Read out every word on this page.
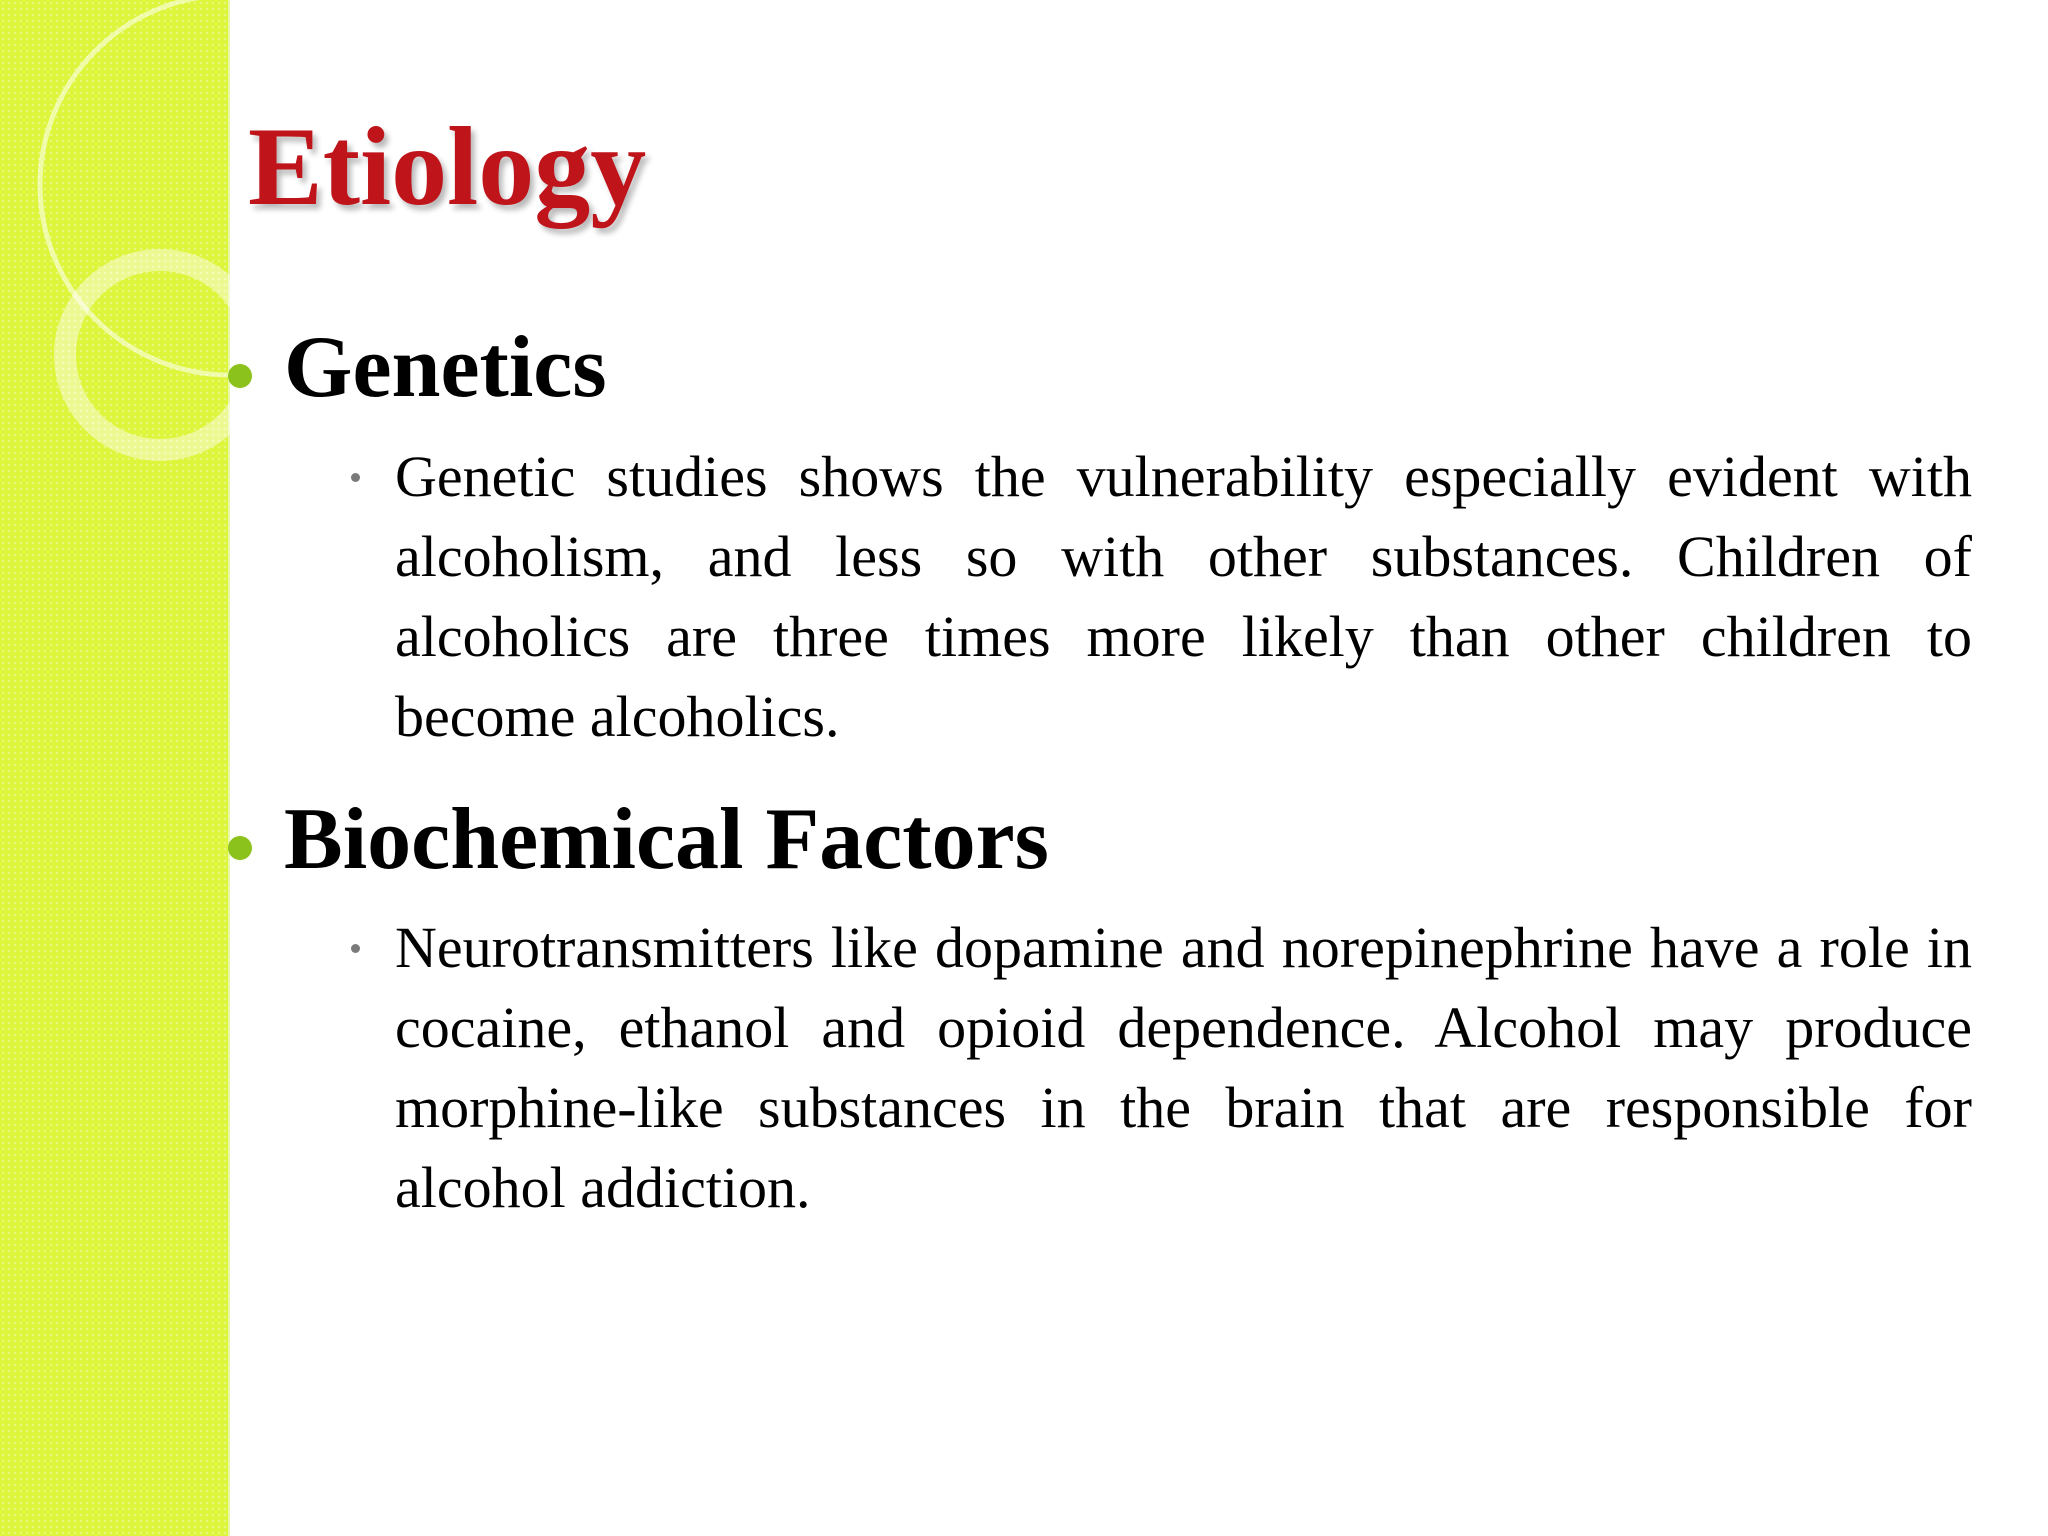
Etiology
Genetics
Genetic studies shows the vulnerability especially evident with alcoholism, and less so with other substances. Children of alcoholics are three times more likely than other children to become alcoholics.
Biochemical Factors
Neurotransmitters like dopamine and norepinephrine have a role in cocaine, ethanol and opioid dependence. Alcohol may produce morphine-like substances in the brain that are responsible for alcohol addiction.
